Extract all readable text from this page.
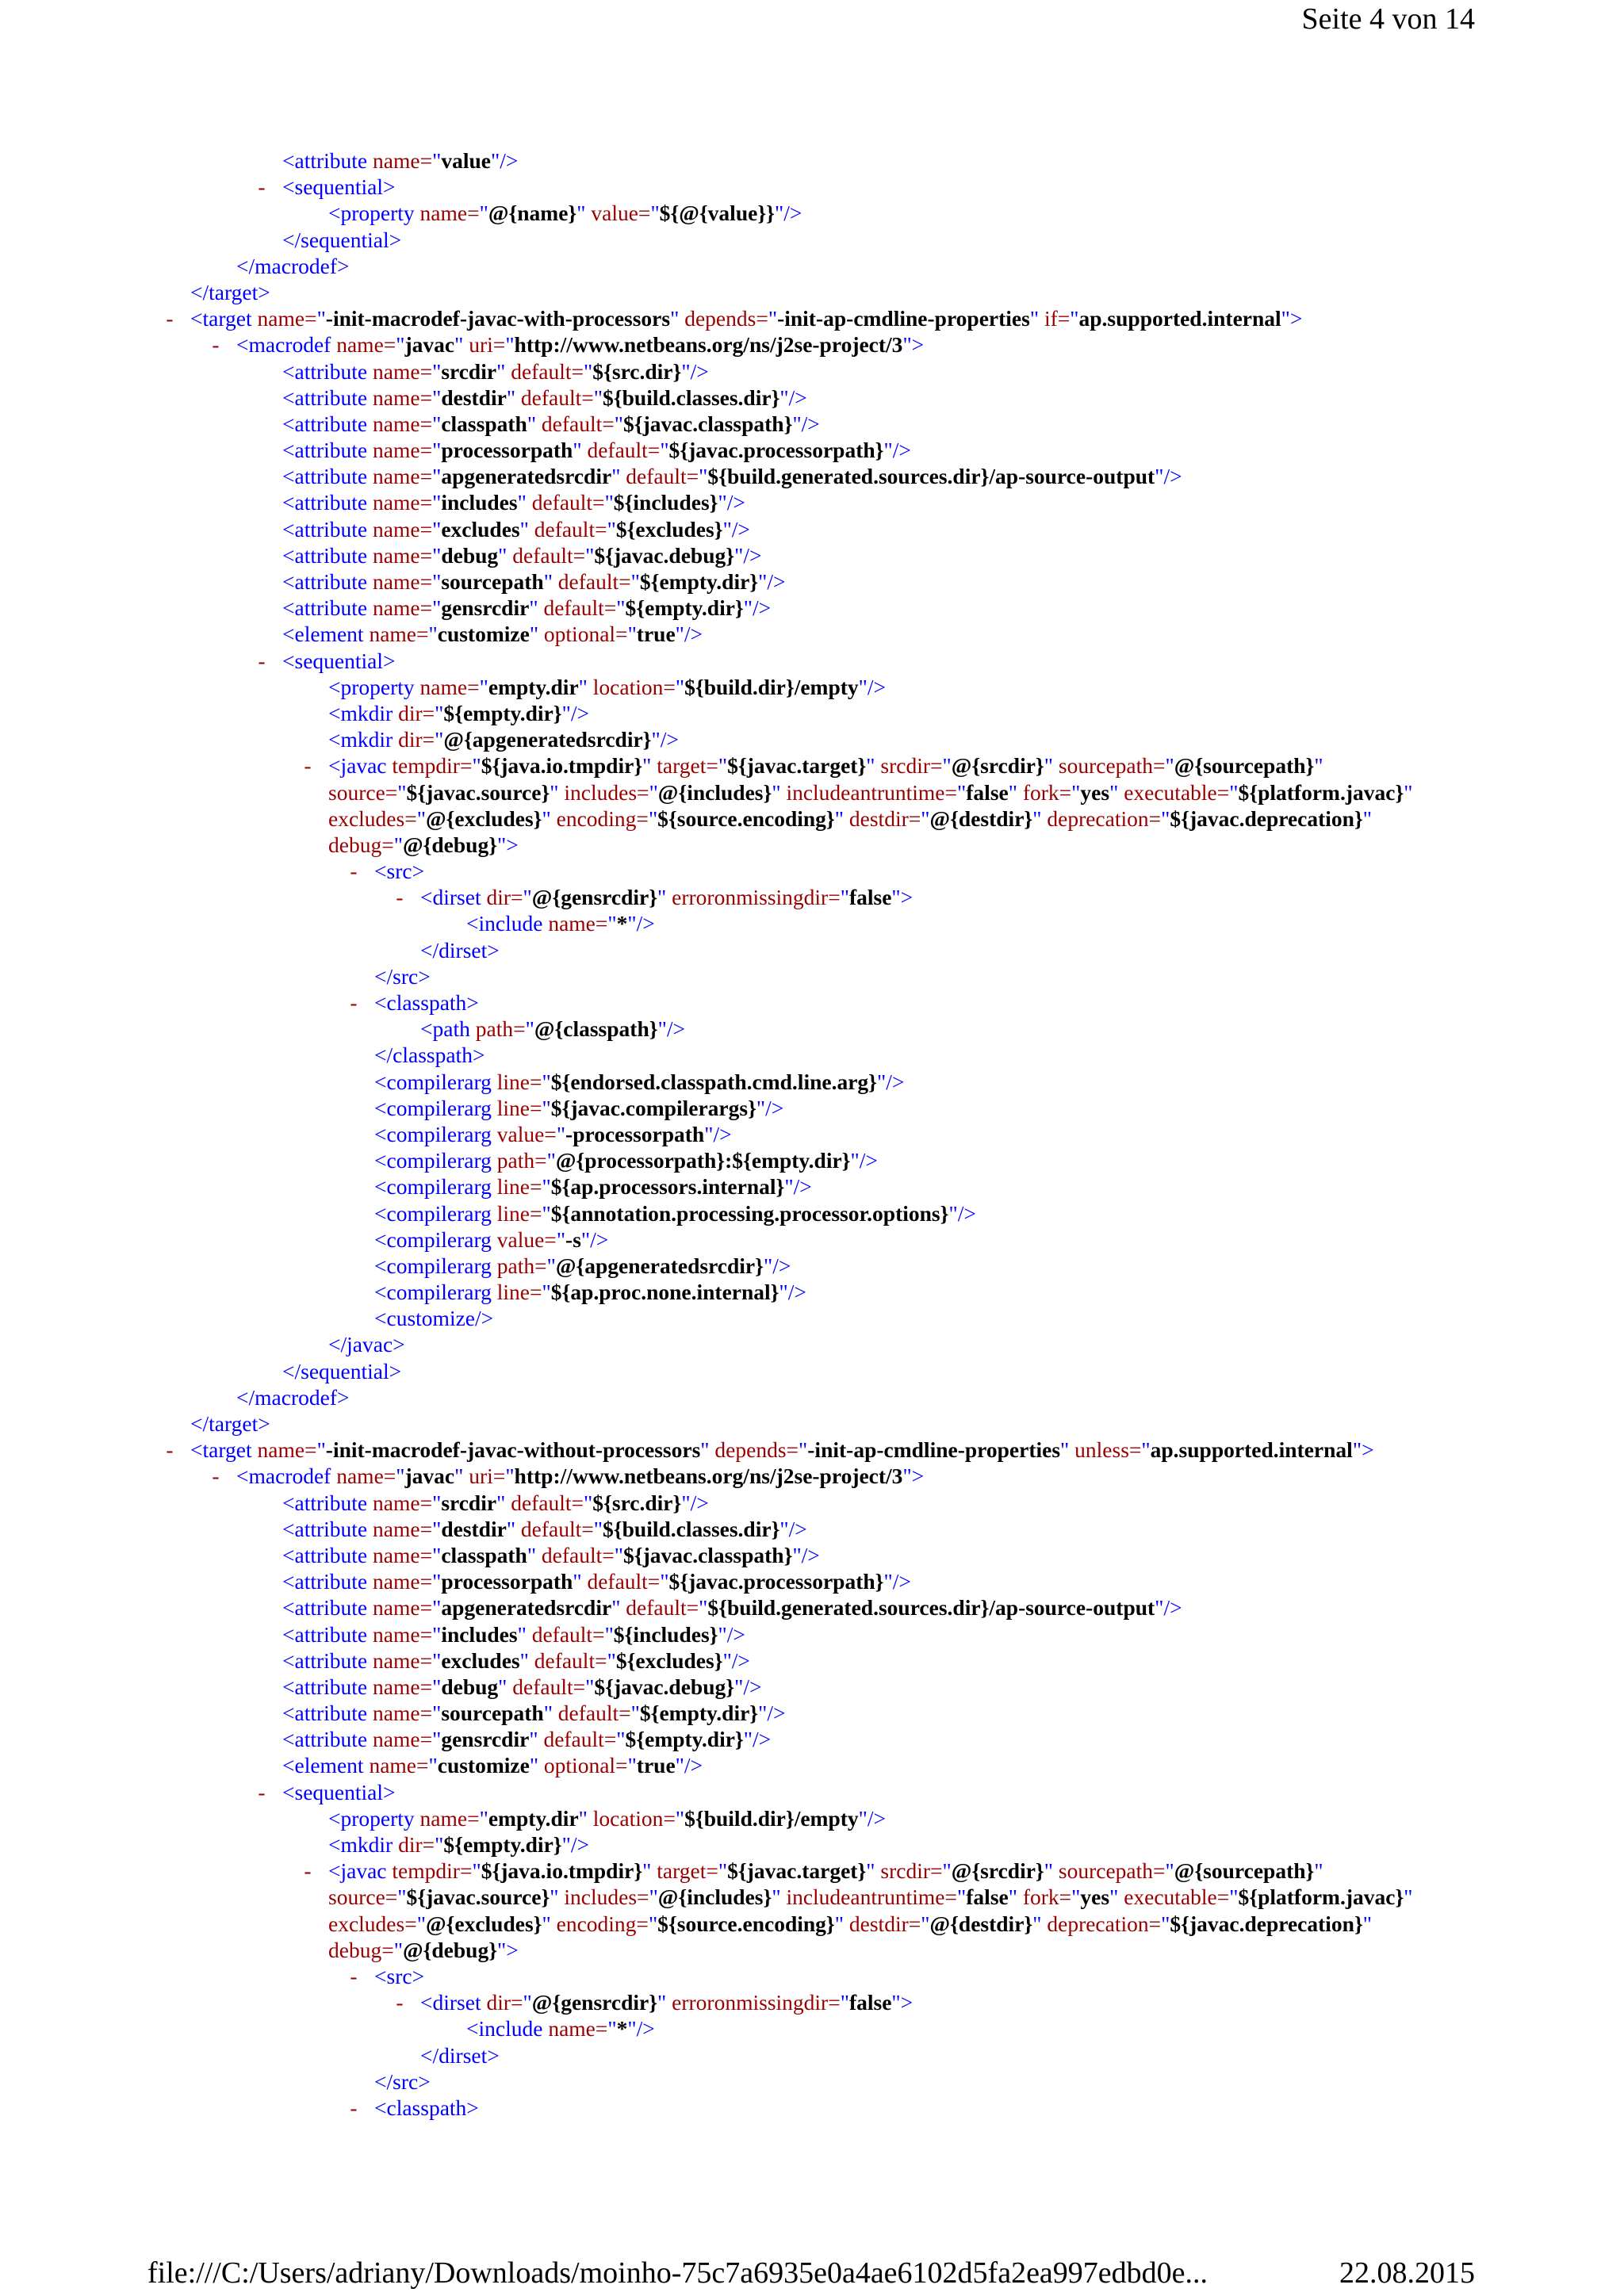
Seite 4 von 14
<attribute name="value"/>
- <sequential>
<property name="@{name}" value="${@{value}}"/>
</sequential>
</macrodef>
</target>
- <target name="-init-macrodef-javac-with-processors" depends="-init-ap-cmdline-properties" if="ap.supported.internal">
- <macrodef name="javac" uri="http://www.netbeans.org/ns/j2se-project/3">
<attribute name="srcdir" default="${src.dir}"/>
<attribute name="destdir" default="${build.classes.dir}"/>
<attribute name="classpath" default="${javac.classpath}"/>
<attribute name="processorpath" default="${javac.processorpath}"/>
<attribute name="apgeneratedsrcdir" default="${build.generated.sources.dir}/ap-source-output"/>
<attribute name="includes" default="${includes}"/>
<attribute name="excludes" default="${excludes}"/>
<attribute name="debug" default="${javac.debug}"/>
<attribute name="sourcepath" default="${empty.dir}"/>
<attribute name="gensrcdir" default="${empty.dir}"/>
<element name="customize" optional="true"/>
- <sequential>
<property name="empty.dir" location="${build.dir}/empty"/>
<mkdir dir="${empty.dir}"/>
<mkdir dir="@{apgeneratedsrcdir}"/>
- <javac tempdir="${java.io.tmpdir}" target="${javac.target}" srcdir="@{srcdir}" sourcepath="@{sourcepath}"
source="${javac.source}" includes="@{includes}" includeantruntime="false" fork="yes" executable="${platform.javac}"
excludes="@{excludes}" encoding="${source.encoding}" destdir="@{destdir}" deprecation="${javac.deprecation}"
debug="@{debug}">
- <src>
- <dirset dir="@{gensrcdir}" erroronmissingdir="false">
<include name="*"/>
</dirset>
</src>
- <classpath>
<path path="@{classpath}"/>
</classpath>
<compilerarg line="${endorsed.classpath.cmd.line.arg}"/>
<compilerarg line="${javac.compilerargs}"/>
<compilerarg value="-processorpath"/>
<compilerarg path="@{processorpath}:${empty.dir}"/>
<compilerarg line="${ap.processors.internal}"/>
<compilerarg line="${annotation.processing.processor.options}"/>
<compilerarg value="-s"/>
<compilerarg path="@{apgeneratedsrcdir}"/>
<compilerarg line="${ap.proc.none.internal}"/>
<customize/>
</javac>
</sequential>
</macrodef>
</target>
- <target name="-init-macrodef-javac-without-processors" depends="-init-ap-cmdline-properties" unless="ap.supported.internal">
- <macrodef name="javac" uri="http://www.netbeans.org/ns/j2se-project/3">
<attribute name="srcdir" default="${src.dir}"/>
<attribute name="destdir" default="${build.classes.dir}"/>
<attribute name="classpath" default="${javac.classpath}"/>
<attribute name="processorpath" default="${javac.processorpath}"/>
<attribute name="apgeneratedsrcdir" default="${build.generated.sources.dir}/ap-source-output"/>
<attribute name="includes" default="${includes}"/>
<attribute name="excludes" default="${excludes}"/>
<attribute name="debug" default="${javac.debug}"/>
<attribute name="sourcepath" default="${empty.dir}"/>
<attribute name="gensrcdir" default="${empty.dir}"/>
<element name="customize" optional="true"/>
- <sequential>
<property name="empty.dir" location="${build.dir}/empty"/>
<mkdir dir="${empty.dir}"/>
- <javac tempdir="${java.io.tmpdir}" target="${javac.target}" srcdir="@{srcdir}" sourcepath="@{sourcepath}"
source="${javac.source}" includes="@{includes}" includeantruntime="false" fork="yes" executable="${platform.javac}"
excludes="@{excludes}" encoding="${source.encoding}" destdir="@{destdir}" deprecation="${javac.deprecation}"
debug="@{debug}">
- <src>
- <dirset dir="@{gensrcdir}" erroronmissingdir="false">
<include name="*"/>
</dirset>
</src>
- <classpath>
file:///C:/Users/adriany/Downloads/moinho-75c7a6935e0a4ae6102d5fa2ea997edbd0e...	22.08.2015
